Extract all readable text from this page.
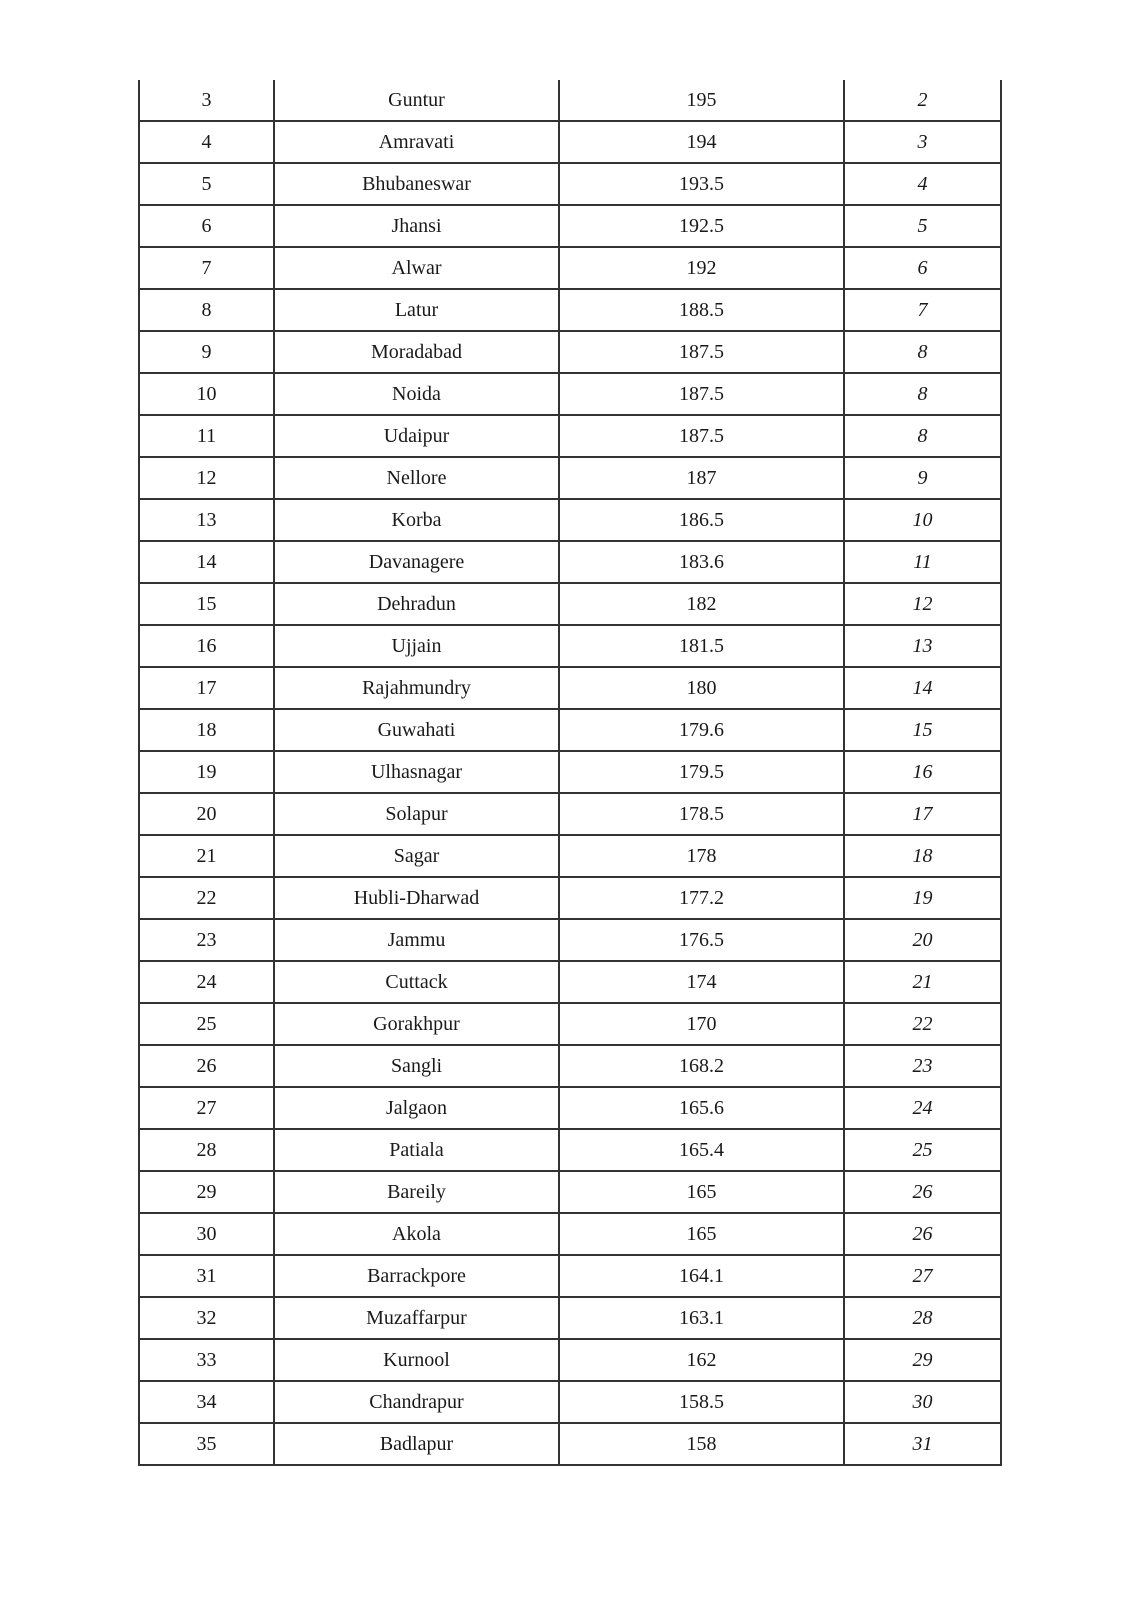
3	Guntur	195	2
4	Amravati	194	3
5	Bhubaneswar	193.5	4
6	Jhansi	192.5	5
7	Alwar	192	6
8	Latur	188.5	7
9	Moradabad	187.5	8
10	Noida	187.5	8
11	Udaipur	187.5	8
12	Nellore	187	9
13	Korba	186.5	10
14	Davanagere	183.6	11
15	Dehradun	182	12
16	Ujjain	181.5	13
17	Rajahmundry	180	14
18	Guwahati	179.6	15
19	Ulhasnagar	179.5	16
20	Solapur	178.5	17
21	Sagar	178	18
22	Hubli-Dharwad	177.2	19
23	Jammu	176.5	20
24	Cuttack	174	21
25	Gorakhpur	170	22
26	Sangli	168.2	23
27	Jalgaon	165.6	24
28	Patiala	165.4	25
29	Bareily	165	26
30	Akola	165	26
31	Barrackpore	164.1	27
32	Muzaffarpur	163.1	28
33	Kurnool	162	29
34	Chandrapur	158.5	30
35	Badlapur	158	31
